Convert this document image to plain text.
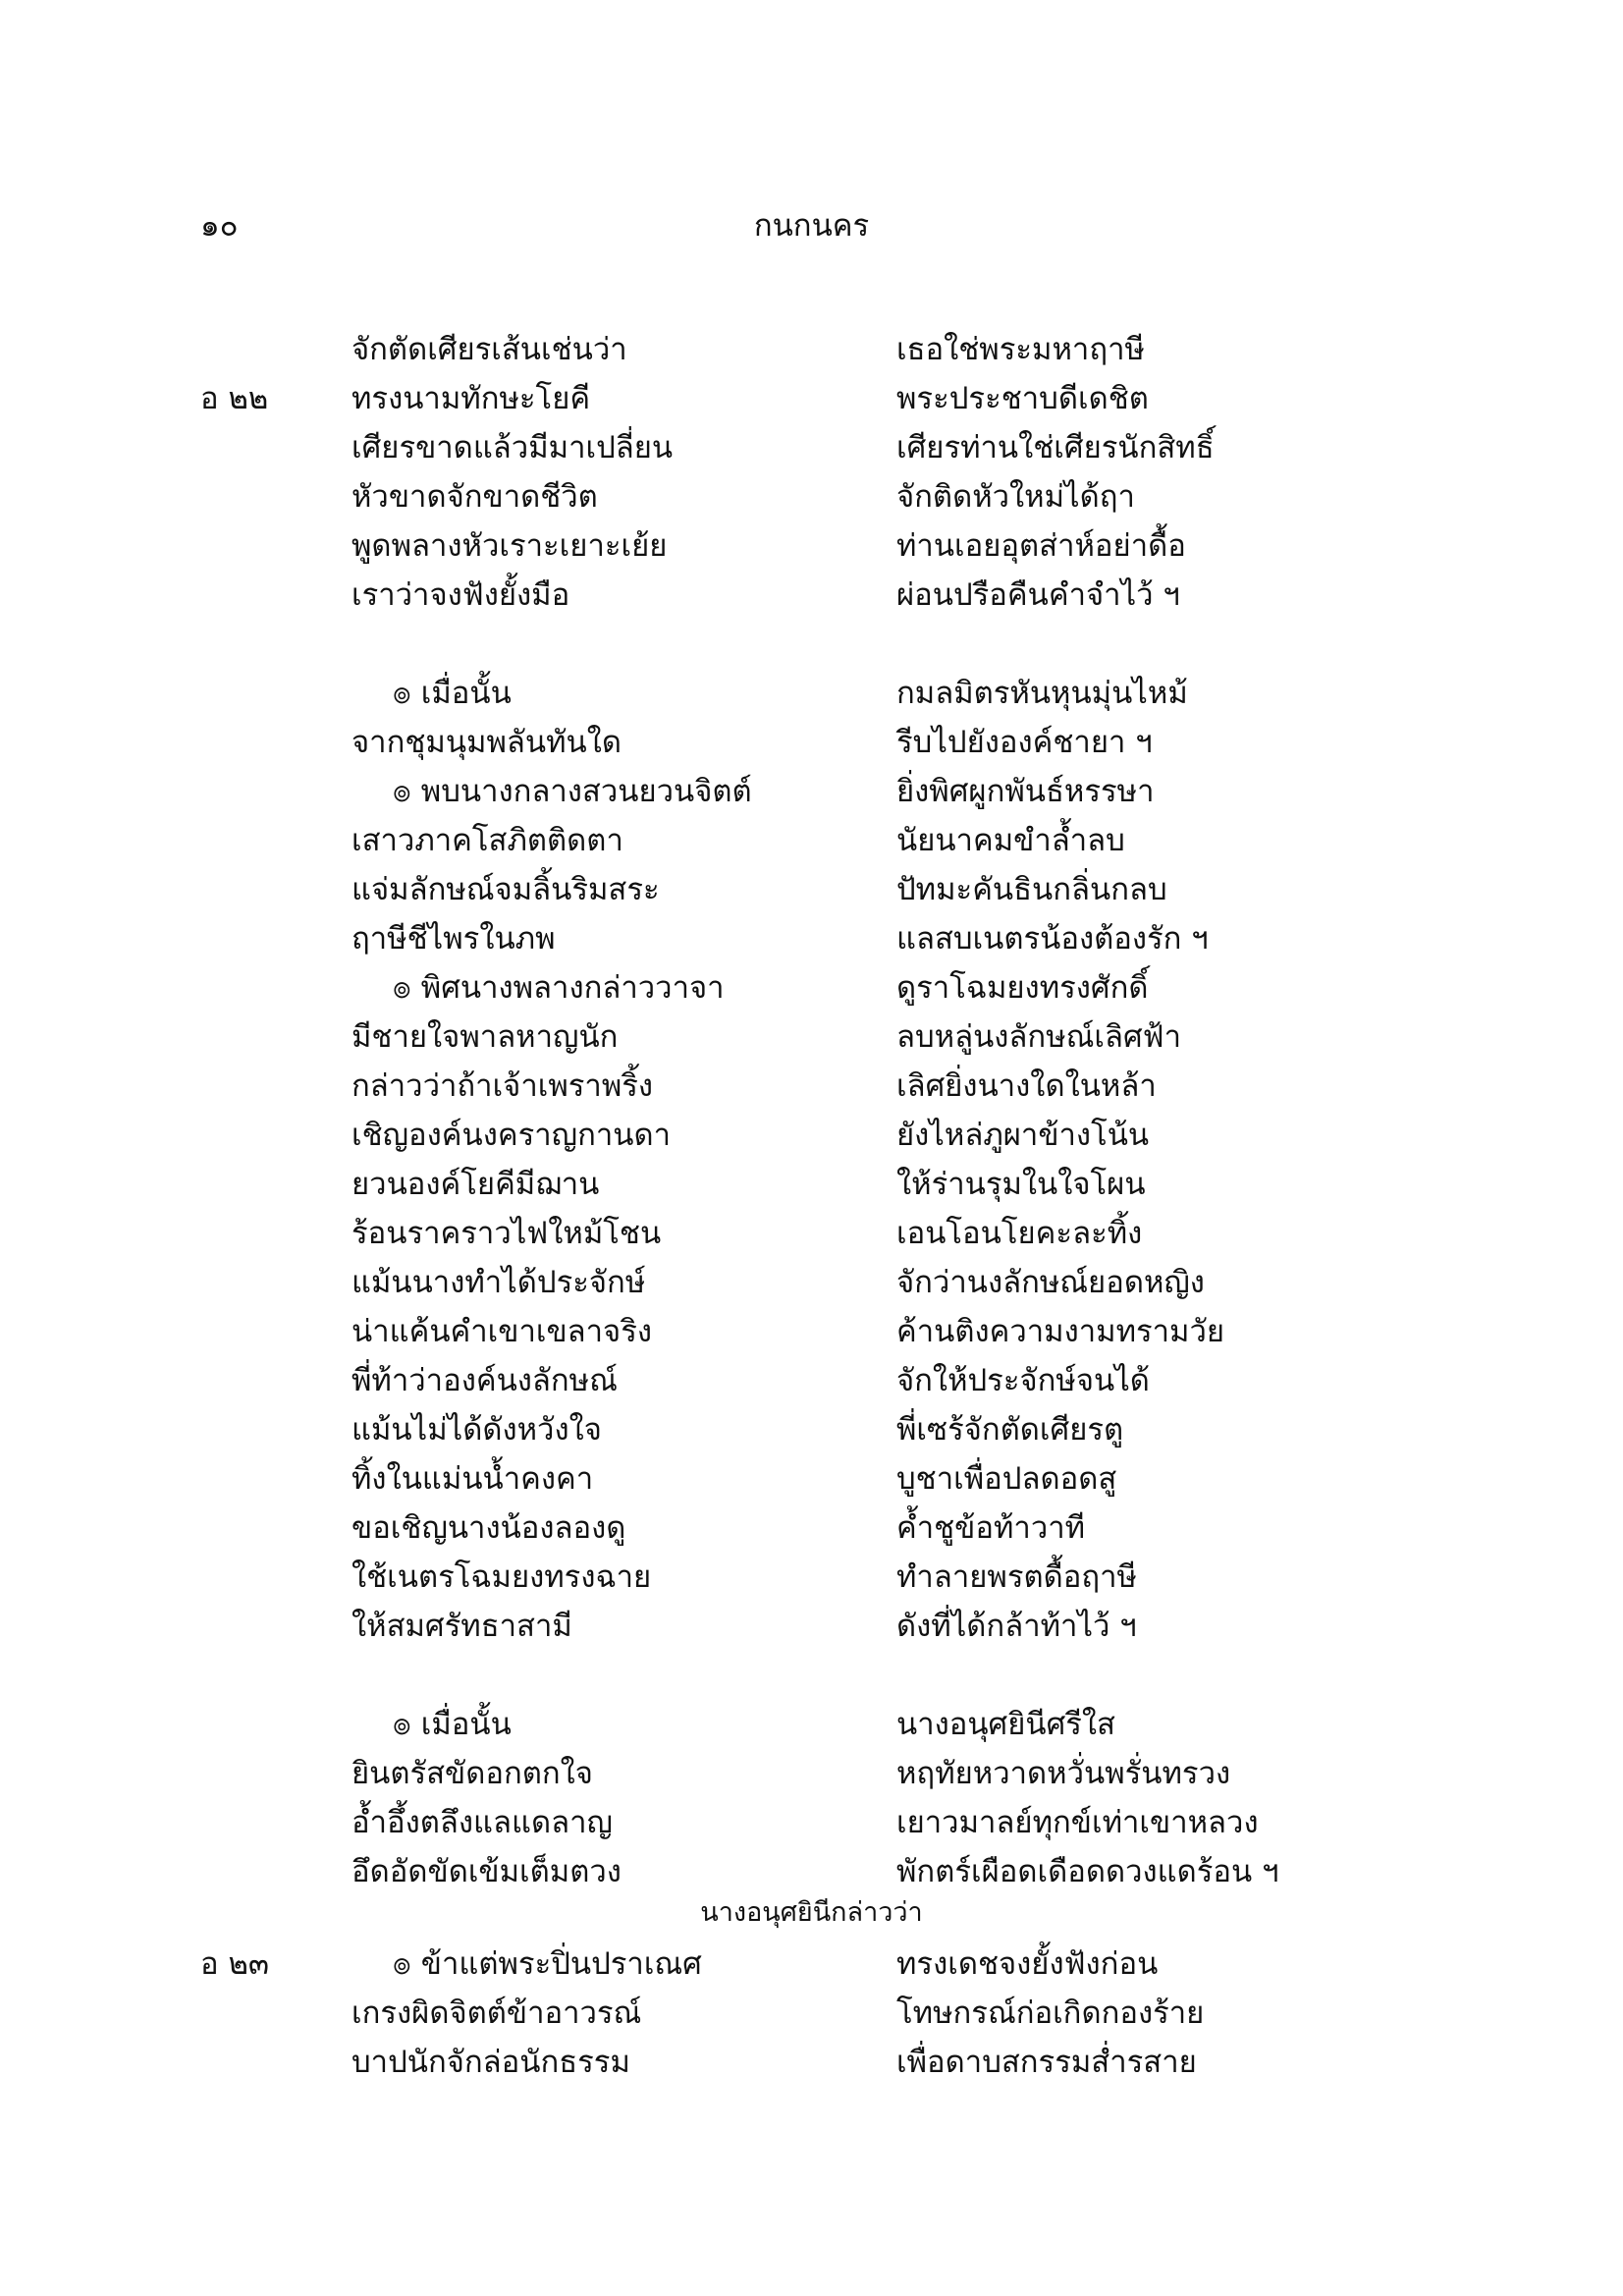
๑๐	กนกนคร
จักตัดเศียรเส้นเช่นว่า	เธอใช่พระมหาฤาษี
อ ๒๒	ทรงนามทักษะโยคี	พระประชาบดีเดชิต
เศียรขาดแล้วมีมาเปลี่ยน	เศียรท่านใช่เศียรนักสิทธิ์
หัวขาดจักขาดชีวิต	จักติดหัวใหม่ได้ฤา
พูดพลางหัวเราะเยาะเย้ย	ท่านเอยอุตส่าห์อย่าดื้อ
เราว่าจงฟังยั้งมือ	ผ่อนปรือคืนคำจำไว้ ฯ
๏ เมื่อนั้น	กมลมิตรหันหุนมุ่นไหม้
จากชุมนุมพลันทันใด	รีบไปยังองค์ชายา ฯ
๏ พบนางกลางสวนยวนจิตต์	ยิ่งพิศผูกพันธ์หรรษา
เสาวภาคโสภิตติดตา	นัยนาคมขำล้ำลบ
แจ่มลักษณ์จมลิ้นริมสระ	ปัทมะคันธินกลิ่นกลบ
ฤาษีชีไพรในภพ	แลสบเนตรน้องต้องรัก ฯ
๏ พิศนางพลางกล่าววาจา	ดูราโฉมยงทรงศักดิ์
มีชายใจพาลหาญนัก	ลบหลู่นงลักษณ์เลิศฟ้า
กล่าวว่าถ้าเจ้าเพราพริ้ง	เลิศยิ่งนางใดในหล้า
เชิญองค์นงคราญกานดา	ยังไหล่ภูผาข้างโน้น
ยวนองค์โยคีมีฌาน	ให้ร่านรุมในใจโผน
ร้อนราคราวไฟใหม้โชน	เอนโอนโยคะละทิ้ง
แม้นนางทำได้ประจักษ์	จักว่านงลักษณ์ยอดหญิง
น่าแค้นคำเขาเขลาจริง	ค้านติงความงามทรามวัย
พี่ท้าว่าองค์นงลักษณ์	จักให้ประจักษ์จนได้
แม้นไม่ได้ดังหวังใจ	พี่เซร้จักตัดเศียรตู
ทิ้งในแม่นน้ำคงคา	บูชาเพื่อปลดอดสู
ขอเชิญนางน้องลองดู	ค้ำชูข้อท้าวาที
ใช้เนตรโฉมยงทรงฉาย	ทำลายพรตดื้อฤาษี
ให้สมศรัทธาสามี	ดังที่ได้กล้าท้าไว้ ฯ
๏ เมื่อนั้น	นางอนุศยินีศรีใส
ยินตรัสขัดอกตกใจ	หฤทัยหวาดหวั่นพรั่นทรวง
อ้ำอึ้งตลึงแลแดลาญ	เยาวมาลย์ทุกข์เท่าเขาหลวง
อึดอัดขัดเข้มเต็มตวง	พักตร์เผือดเดือดดวงแดร้อน ฯ
นางอนุศยินีกล่าวว่า
อ ๒๓	๏ ข้าแต่พระปิ่นปราเณศ	ทรงเดชจงยั้งฟังก่อน
เกรงผิดจิตต์ข้าอาวรณ์	โทษกรณ์ก่อเกิดกองร้าย
บาปนักจักล่อนักธรรม	เพื่อดาบสกรรมส่ำรสาย
